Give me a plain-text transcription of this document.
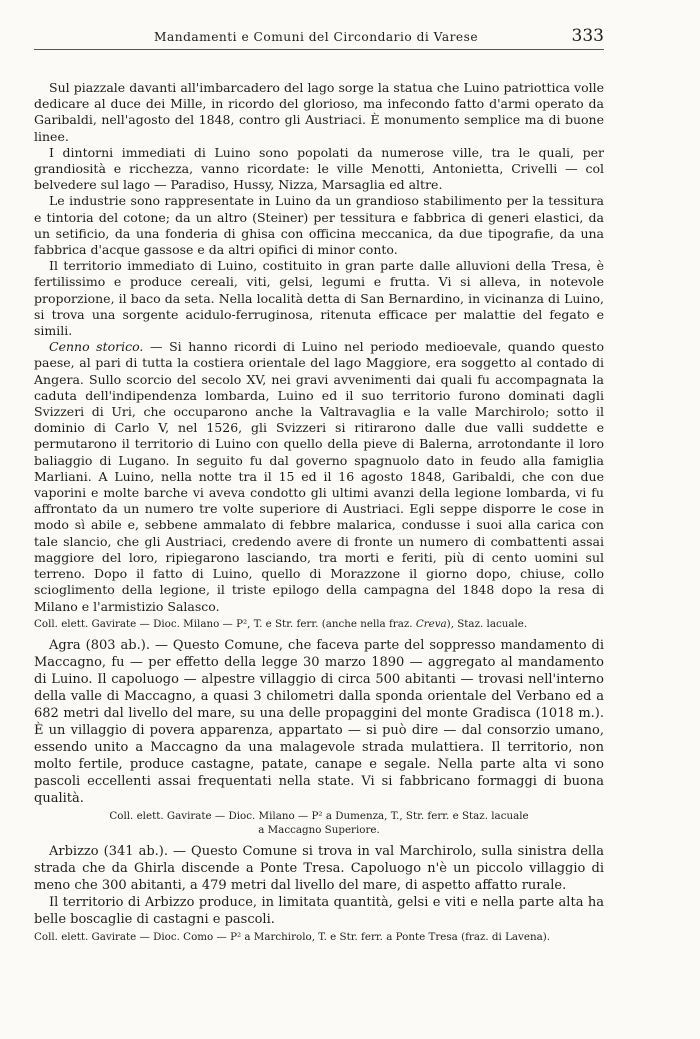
Mandamenti e Comuni del Circondario di Varese	333

Sul piazzale davanti all'imbarcadero del lago sorge la statua che Luino patriottica volle dedicare al duce dei Mille, in ricordo del glorioso, ma infecondo fatto d'armi operato da Garibaldi, nell'agosto del 1848, contro gli Austriaci. È monumento semplice ma di buone linee.

I dintorni immediati di Luino sono popolati da numerose ville, tra le quali, per grandiosità e ricchezza, vanno ricordate: le ville Menotti, Antonietta, Crivelli — col belvedere sul lago — Paradiso, Hussy, Nizza, Marsaglia ed altre.

Le industrie sono rappresentate in Luino da un grandioso stabilimento per la tessitura e tintoria del cotone; da un altro (Steiner) per tessitura e fabbrica di generi elastici, da un setificio, da una fonderia di ghisa con officina meccanica, da due tipografie, da una fabbrica d'acque gassose e da altri opifici di minor conto.

Il territorio immediato di Luino, costituito in gran parte dalle alluvioni della Tresa, è fertilissimo e produce cereali, viti, gelsi, legumi e frutta. Vi si alleva, in notevole proporzione, il baco da seta. Nella località detta di San Bernardino, in vicinanza di Luino, si trova una sorgente acidulo-ferruginosa, ritenuta efficace per malattie del fegato e simili.

Cenno storico. — Si hanno ricordi di Luino nel periodo medioevale, quando questo paese, al pari di tutta la costiera orientale del lago Maggiore, era soggetto al contado di Angera. Sullo scorcio del secolo XV, nei gravi avvenimenti dai quali fu accompagnata la caduta dell'indipendenza lombarda, Luino ed il suo territorio furono dominati dagli Svizzeri di Uri, che occuparono anche la Valtravaglia e la valle Marchirolo; sotto il dominio di Carlo V, nel 1526, gli Svizzeri si ritirarono dalle due valli suddette e permutarono il territorio di Luino con quello della pieve di Balerna, arrotondante il loro baliaggio di Lugano. In seguito fu dal governo spagnuolo dato in feudo alla famiglia Marliani. A Luino, nella notte tra il 15 ed il 16 agosto 1848, Garibaldi, che con due vaporini e molte barche vi aveva condotto gli ultimi avanzi della legione lombarda, vi fu affrontato da un numero tre volte superiore di Austriaci. Egli seppe disporre le cose in modo sì abile e, sebbene ammalato di febbre malarica, condusse i suoi alla carica con tale slancio, che gli Austriaci, credendo avere di fronte un numero di combattenti assai maggiore del loro, ripiegarono lasciando, tra morti e feriti, più di cento uomini sul terreno. Dopo il fatto di Luino, quello di Morazzone il giorno dopo, chiuse, collo scioglimento della legione, il triste epilogo della campagna del 1848 dopo la resa di Milano e l'armistizio Salasco.

Coll. elett. Gavirate — Dioc. Milano — P², T. e Str. ferr. (anche nella fraz. Creva), Staz. lacuale.

Agra (803 ab.). — Questo Comune, che faceva parte del soppresso mandamento di Maccagno, fu — per effetto della legge 30 marzo 1890 — aggregato al mandamento di Luino. Il capoluogo — alpestre villaggio di circa 500 abitanti — trovasi nell'interno della valle di Maccagno, a quasi 3 chilometri dalla sponda orientale del Verbano ed a 682 metri dal livello del mare, su una delle propaggini del monte Gradisca (1018 m.). È un villaggio di povera apparenza, appartato — si può dire — dal consorzio umano, essendo unito a Maccagno da una malagevole strada mulattiera. Il territorio, non molto fertile, produce castagne, patate, canape e segale. Nella parte alta vi sono pascoli eccellenti assai frequentati nella state. Vi si fabbricano formaggi di buona qualità.

Coll. elett. Gavirate — Dioc. Milano — P² a Dumenza, T., Str. ferr. e Staz. lacuale
a Maccagno Superiore.

Arbizzo (341 ab.). — Questo Comune si trova in val Marchirolo, sulla sinistra della strada che da Ghirla discende a Ponte Tresa. Capoluogo n'è un piccolo villaggio di meno che 300 abitanti, a 479 metri dal livello del mare, di aspetto affatto rurale.

Il territorio di Arbizzo produce, in limitata quantità, gelsi e viti e nella parte alta ha belle boscaglie di castagni e pascoli.

Coll. elett. Gavirate — Dioc. Como — P² a Marchirolo, T. e Str. ferr. a Ponte Tresa (fraz. di Lavena).
